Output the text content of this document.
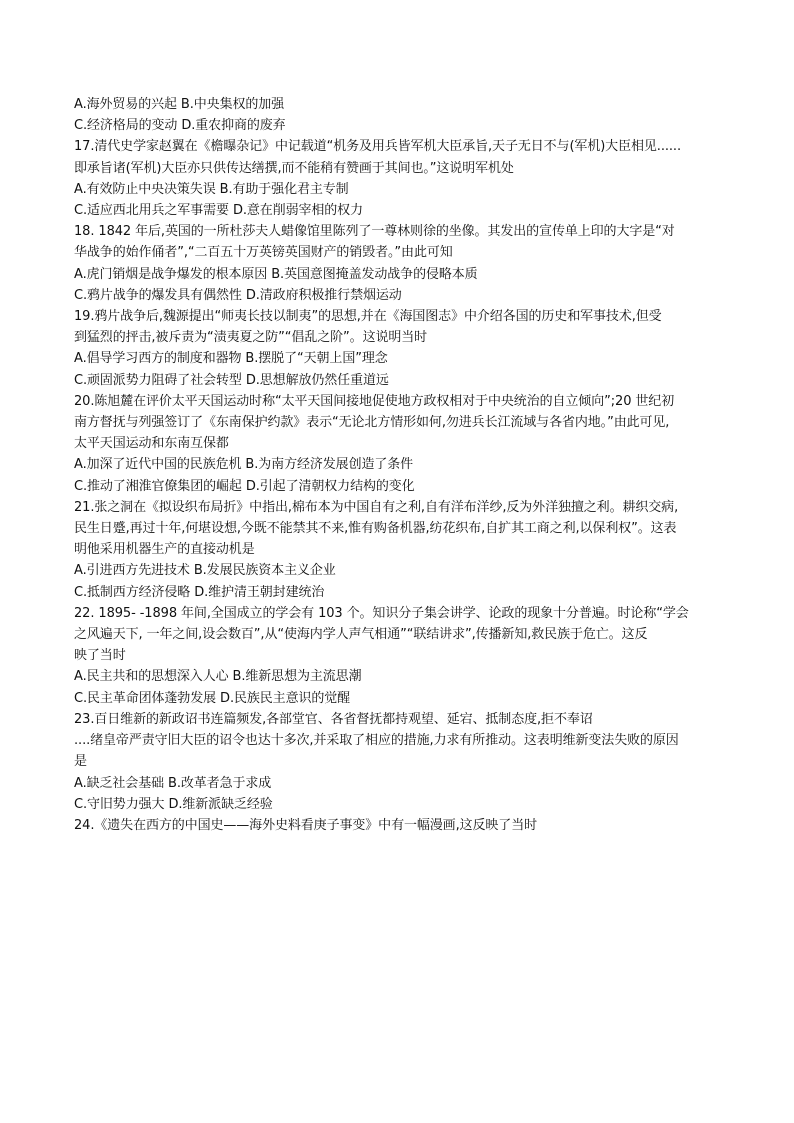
A.海外贸易的兴起 B.中央集权的加强
C.经济格局的变动 D.重农抑商的废弃
17.清代史学家赵翼在《檐曝杂记》中记载道“机务及用兵皆军机大臣承旨,天子无日不与(军机)大臣相见......
即承旨诸(军机)大臣亦只供传达缮撰,而不能稍有赞画于其间也。”这说明军机处
A.有效防止中央决策失误 B.有助于强化君主专制
C.适应西北用兵之军事需要 D.意在削弱宰相的权力
18. 1842 年后,英国的一所杜莎夫人蜡像馆里陈列了一尊林则徐的坐像。其发出的宣传单上印的大字是“对
华战争的始作俑者”,“二百五十万英镑英国财产的销毁者。”由此可知
A.虎门销烟是战争爆发的根本原因 B.英国意图掩盖发动战争的侵略本质
C.鸦片战争的爆发具有偶然性 D.清政府积极推行禁烟运动
19.鸦片战争后,魏源提出“师夷长技以制夷”的思想,并在《海国图志》中介绍各国的历史和军事技术,但受
到猛烈的抨击,被斥责为“渍夷夏之防”“倡乱之阶”。这说明当时
A.倡导学习西方的制度和器物 B.摆脱了“天朝上国”理念
C.顽固派势力阻碍了社会转型 D.思想解放仍然任重道远
20.陈旭麓在评价太平天国运动时称“太平天国间接地促使地方政权相对于中央统治的自立倾向”;20 世纪初
南方督抚与列强签订了《东南保护约款》表示“无论北方情形如何,勿进兵长江流域与各省内地。”由此可见,
太平天国运动和东南互保都
A.加深了近代中国的民族危机 B.为南方经济发展创造了条件
C.推动了湘淮官僚集团的崛起 D.引起了清朝权力结构的变化
21.张之洞在《拟设织布局折》中指出,棉布本为中国自有之利,自有洋布洋纱,反为外洋独擅之利。耕织交病,
民生日蹙,再过十年,何堪设想,今既不能禁其不来,惟有购备机器,纺花织布,自扩其工商之利,以保利权”。这表
明他采用机器生产的直接动机是
A.引进西方先进技术 B.发展民族资本主义企业
C.抵制西方经济侵略 D.维护清王朝封建统治
22. 1895- -1898 年间,全国成立的学会有 103 个。知识分子集会讲学、论政的现象十分普遍。时论称“学会
之风遍天下, 一年之间,设会数百”,从“使海内学人声气相通”“联结讲求”,传播新知,救民族于危亡。这反
映了当时
A.民主共和的思想深入人心 B.维新思想为主流思潮
C.民主革命团体蓬勃发展 D.民族民主意识的觉醒
23.百日维新的新政诏书连篇频发,各部堂官、各省督抚都持观望、延宕、抵制态度,拒不奉诏
....绪皇帝严责守旧大臣的诏令也达十多次,并采取了相应的措施,力求有所推动。这表明维新变法失败的原因
是
A.缺乏社会基础 B.改革者急于求成
C.守旧势力强大 D.维新派缺乏经验
24.《遗失在西方的中国史——海外史料看庚子事变》中有一幅漫画,这反映了当时
